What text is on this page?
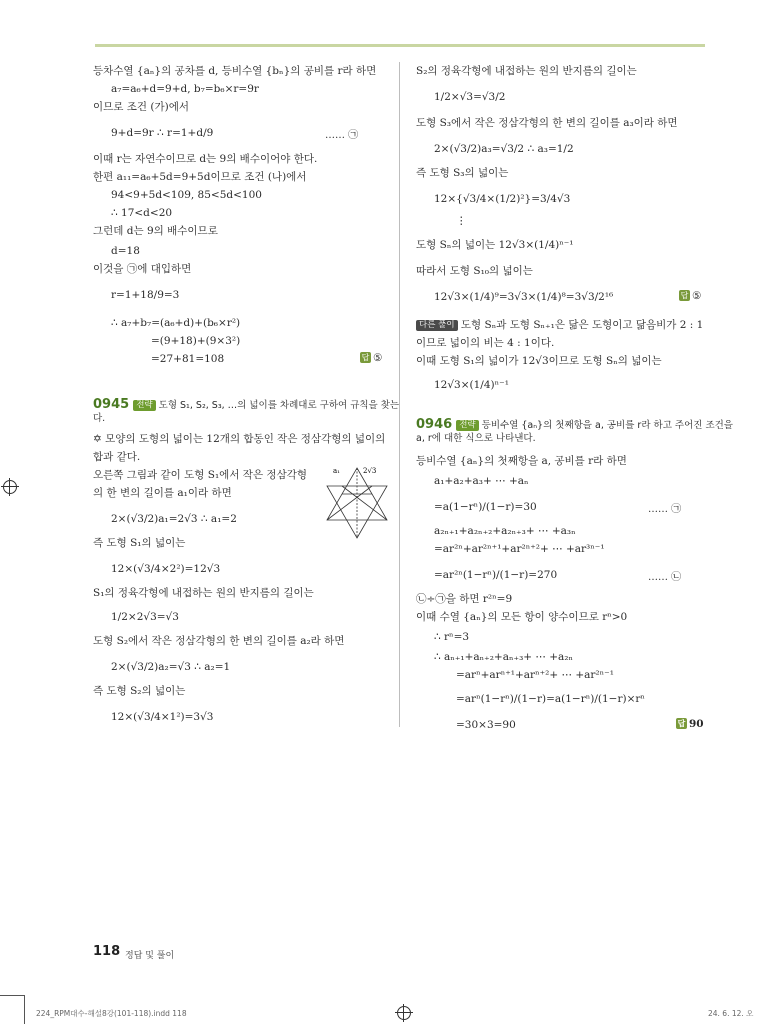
등차수열 {aₙ}의 공차를 d, 등비수열 {bₙ}의 공비를 r라 하면
a₇=a₆+d=9+d, b₇=b₆×r=9r
이므로 조건 (가)에서
9+d=9r ∴ r=1+d/9	…… ㉠
이때 r는 자연수이므로 d는 9의 배수이어야 한다.
한편 a₁₁=a₆+5d=9+5d이므로 조건 (나)에서
94<9+5d<109, 85<5d<100
∴ 17<d<20
그런데 d는 9의 배수이므로
d=18
이것을 ㉠에 대입하면
r=1+18/9=3
∴ a₇+b₇=(a₆+d)+(b₆×r²)
=(9+18)+(9×3²)
=27+81=108	답 ⑤
0945 전략 도형 S₁, S₂, S₃, …의 넓이를 차례대로 구하여 규칙을 찾는
다.
✡ 모양의 도형의 넓이는 12개의 합동인 작은 정삼각형의 넓이의
합과 같다.
오른쪽 그림과 같이 도형 S₁에서 작은 정삼각형
의 한 변의 길이를 a₁이라 하면
2×(√3/2)a₁=2√3 ∴ a₁=2
즉 도형 S₁의 넓이는
12×(√3/4×2²)=12√3
S₁의 정육각형에 내접하는 원의 반지름의 길이는
1/2×2√3=√3
도형 S₂에서 작은 정삼각형의 한 변의 길이를 a₂라 하면
2×(√3/2)a₂=√3 ∴ a₂=1
즉 도형 S₂의 넓이는
12×(√3/4×1²)=3√3
a₁	2√3
S₂의 정육각형에 내접하는 원의 반지름의 길이는
1/2×√3=√3/2
도형 S₃에서 작은 정삼각형의 한 변의 길이를 a₃이라 하면
2×(√3/2)a₃=√3/2 ∴ a₃=1/2
즉 도형 S₃의 넓이는
12×{√3/4×(1/2)²}=3/4√3
⋮
도형 Sₙ의 넓이는 12√3×(1/4)ⁿ⁻¹
따라서 도형 S₁₀의 넓이는
12√3×(1/4)⁹=3√3×(1/4)⁸=3√3/2¹⁶	답 ⑤
다른 풀이 도형 Sₙ과 도형 Sₙ₊₁은 닮은 도형이고 닮음비가 2 : 1
이므로 넓이의 비는 4 : 1이다.
이때 도형 S₁의 넓이가 12√3이므로 도형 Sₙ의 넓이는
12√3×(1/4)ⁿ⁻¹
0946 전략 등비수열 {aₙ}의 첫째항을 a, 공비를 r라 하고 주어진 조건을
a, r에 대한 식으로 나타낸다.
등비수열 {aₙ}의 첫째항을 a, 공비를 r라 하면
a₁+a₂+a₃+ ⋯ +aₙ
=a(1−rⁿ)/(1−r)=30	…… ㉠
a₂ₙ₊₁+a₂ₙ₊₂+a₂ₙ₊₃+ ⋯ +a₃ₙ
=ar²ⁿ+ar²ⁿ⁺¹+ar²ⁿ⁺²+ ⋯ +ar³ⁿ⁻¹
=ar²ⁿ(1−rⁿ)/(1−r)=270	…… ㉡
㉡÷㉠을 하면 r²ⁿ=9
이때 수열 {aₙ}의 모든 항이 양수이므로 rⁿ>0
∴ rⁿ=3
∴ aₙ₊₁+aₙ₊₂+aₙ₊₃+ ⋯ +a₂ₙ
=arⁿ+arⁿ⁺¹+arⁿ⁺²+ ⋯ +ar²ⁿ⁻¹
=arⁿ(1−rⁿ)/(1−r)=a(1−rⁿ)/(1−r)×rⁿ
=30×3=90	답 90
118 정답 및 풀이
224_RPM대수-해설8강(101-118).indd 118	24. 6. 12. 오
